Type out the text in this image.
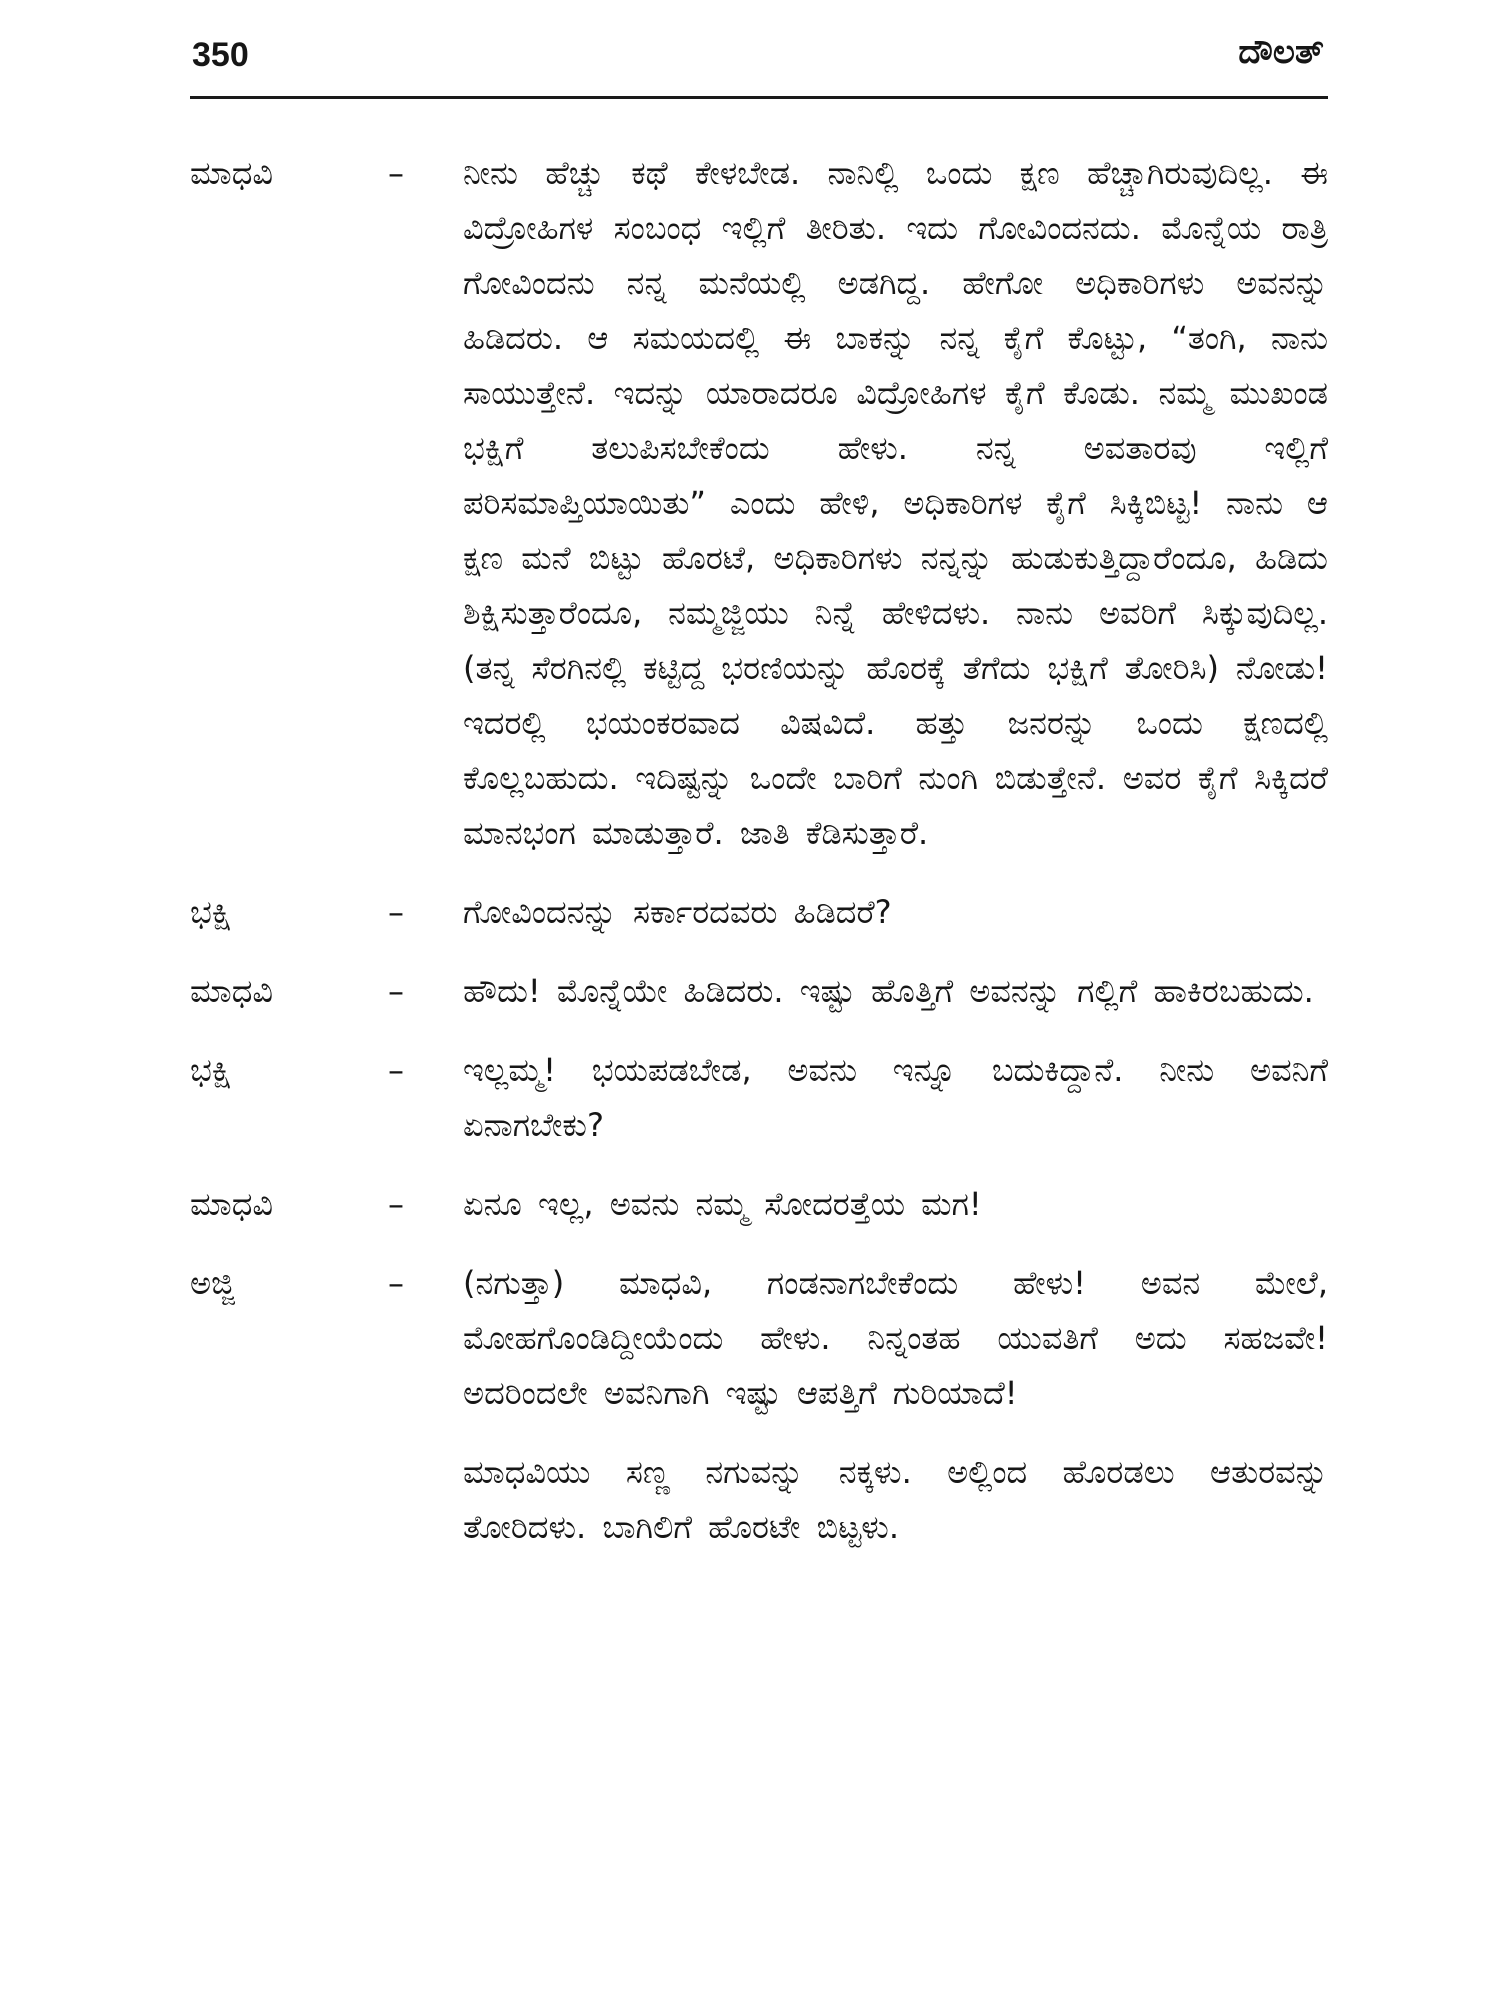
350	ದೌಲತ್
ಮಾಧವಿ	–	ನೀನು ಹೆಚ್ಚು ಕಥೆ ಕೇಳಬೇಡ. ನಾನಿಲ್ಲಿ ಒಂದು ಕ್ಷಣ ಹೆಚ್ಚಾಗಿರುವುದಿಲ್ಲ. ಈ ವಿದ್ರೋಹಿಗಳ ಸಂಬಂಧ ಇಲ್ಲಿಗೆ ತೀರಿತು. ಇದು ಗೋವಿಂದನದು. ಮೊನ್ನೆಯ ರಾತ್ರಿ ಗೋವಿಂದನು ನನ್ನ ಮನೆಯಲ್ಲಿ ಅಡಗಿದ್ದ. ಹೇಗೋ ಅಧಿಕಾರಿಗಳು ಅವನನ್ನು ಹಿಡಿದರು. ಆ ಸಮಯದಲ್ಲಿ ಈ ಬಾಕನ್ನು ನನ್ನ ಕೈಗೆ ಕೊಟ್ಟು, “ತಂಗಿ, ನಾನು ಸಾಯುತ್ತೇನೆ. ಇದನ್ನು ಯಾರಾದರೂ ವಿದ್ರೋಹಿಗಳ ಕೈಗೆ ಕೊಡು. ನಮ್ಮ ಮುಖಂಡ ಭಕ್ಷಿಗೆ ತಲುಪಿಸಬೇಕೆಂದು ಹೇಳು. ನನ್ನ ಅವತಾರವು ಇಲ್ಲಿಗೆ ಪರಿಸಮಾಪ್ತಿಯಾಯಿತು” ಎಂದು ಹೇಳಿ, ಅಧಿಕಾರಿಗಳ ಕೈಗೆ ಸಿಕ್ಕಿಬಿಟ್ಟ! ನಾನು ಆ ಕ್ಷಣ ಮನೆ ಬಿಟ್ಟು ಹೊರಟೆ, ಅಧಿಕಾರಿಗಳು ನನ್ನನ್ನು ಹುಡುಕುತ್ತಿದ್ದಾರೆಂದೂ, ಹಿಡಿದು ಶಿಕ್ಷಿಸುತ್ತಾರೆಂದೂ, ನಮ್ಮಜ್ಜಿಯು ನಿನ್ನೆ ಹೇಳಿದಳು. ನಾನು ಅವರಿಗೆ ಸಿಕ್ಕುವುದಿಲ್ಲ. (ತನ್ನ ಸೆರಗಿನಲ್ಲಿ ಕಟ್ಟಿದ್ದ ಭರಣಿಯನ್ನು ಹೊರಕ್ಕೆ ತೆಗೆದು ಭಕ್ಷಿಗೆ ತೋರಿಸಿ) ನೋಡು! ಇದರಲ್ಲಿ ಭಯಂಕರವಾದ ವಿಷವಿದೆ. ಹತ್ತು ಜನರನ್ನು ಒಂದು ಕ್ಷಣದಲ್ಲಿ ಕೊಲ್ಲಬಹುದು. ಇದಿಷ್ಟನ್ನು ಒಂದೇ ಬಾರಿಗೆ ನುಂಗಿ ಬಿಡುತ್ತೇನೆ. ಅವರ ಕೈಗೆ ಸಿಕ್ಕಿದರೆ ಮಾನಭಂಗ ಮಾಡುತ್ತಾರೆ. ಜಾತಿ ಕೆಡಿಸುತ್ತಾರೆ.
ಭಕ್ಷಿ	–	ಗೋವಿಂದನನ್ನು ಸರ್ಕಾರದವರು ಹಿಡಿದರೆ?
ಮಾಧವಿ	–	ಹೌದು! ಮೊನ್ನೆಯೇ ಹಿಡಿದರು. ಇಷ್ಟು ಹೊತ್ತಿಗೆ ಅವನನ್ನು ಗಲ್ಲಿಗೆ ಹಾಕಿರಬಹುದು.
ಭಕ್ಷಿ	–	ಇಲ್ಲಮ್ಮ! ಭಯಪಡಬೇಡ, ಅವನು ಇನ್ನೂ ಬದುಕಿದ್ದಾನೆ. ನೀನು ಅವನಿಗೆ ಏನಾಗಬೇಕು?
ಮಾಧವಿ	–	ಏನೂ ಇಲ್ಲ, ಅವನು ನಮ್ಮ ಸೋದರತ್ತೆಯ ಮಗ!
ಅಜ್ಜಿ	–	(ನಗುತ್ತಾ) ಮಾಧವಿ, ಗಂಡನಾಗಬೇಕೆಂದು ಹೇಳು! ಅವನ ಮೇಲೆ, ಮೋಹಗೊಂಡಿದ್ದೀಯೆಂದು ಹೇಳು. ನಿನ್ನಂತಹ ಯುವತಿಗೆ ಅದು ಸಹಜವೇ! ಅದರಿಂದಲೇ ಅವನಿಗಾಗಿ ಇಷ್ಟು ಆಪತ್ತಿಗೆ ಗುರಿಯಾದೆ!
ಮಾಧವಿಯು ಸಣ್ಣ ನಗುವನ್ನು ನಕ್ಕಳು. ಅಲ್ಲಿಂದ ಹೊರಡಲು ಆತುರವನ್ನು ತೋರಿದಳು. ಬಾಗಿಲಿಗೆ ಹೊರಟೇ ಬಿಟ್ಟಳು.
